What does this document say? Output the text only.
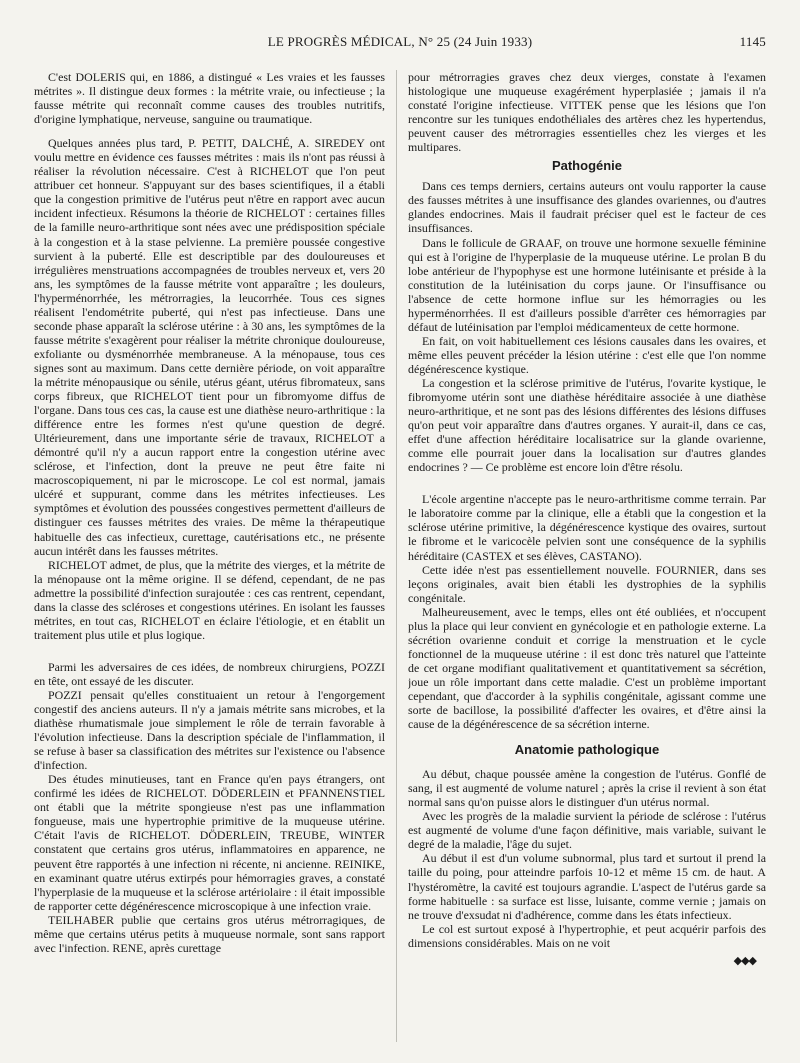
LE PROGRÈS MÉDICAL, N° 25 (24 Juin 1933)	1145

C'est DOLERIS qui, en 1886, a distingué « Les vraies et les fausses métrites ». Il distingue deux formes : la métrite vraie, ou infectieuse ; la fausse métrite qui reconnaît comme causes des troubles nutritifs, d'origine lymphatique, nerveuse, sanguine ou traumatique.

Quelques années plus tard, P. PETIT, DALCHÉ, A. SIREDEY ont voulu mettre en évidence ces fausses métrites : mais ils n'ont pas réussi à réaliser la révolution nécessaire. C'est à RICHELOT que l'on peut attribuer cet honneur. S'appuyant sur des bases scientifiques, il a établi que la congestion primitive de l'utérus peut n'être en rapport avec aucun incident infectieux. Résumons la théorie de RICHELOT : certaines filles de la famille neuro-arthritique sont nées avec une prédisposition spéciale à la congestion et à la stase pelvienne. La première poussée congestive survient à la puberté. Elle est descriptible par des douloureuses et irrégulières menstruations accompagnées de troubles nerveux et, vers 20 ans, les symptômes de la fausse métrite vont apparaître ; les douleurs, l'hyperménorrhée, les métrorragies, la leucorrhée. Tous ces signes réalisent l'endométrite puberté, qui n'est pas infectieuse. Dans une seconde phase apparaît la sclérose utérine : à 30 ans, les symptômes de la fausse métrite s'exagèrent pour réaliser la métrite chronique douloureuse, exfoliante ou dysménorrhée membraneuse. A la ménopause, tous ces signes sont au maximum. Dans cette dernière période, on voit apparaître la métrite ménopausique ou sénile, utérus géant, utérus fibromateux, sans corps fibreux, que RICHELOT tient pour un fibromyome diffus de l'organe. Dans tous ces cas, la cause est une diathèse neuro-arthritique : la différence entre les formes n'est qu'une question de degré. Ultérieurement, dans une importante série de travaux, RICHELOT a démontré qu'il n'y a aucun rapport entre la congestion utérine avec sclérose, et l'infection, dont la preuve ne peut être faite ni macroscopiquement, ni par le microscope. Le col est normal, jamais ulcéré et suppurant, comme dans les métrites infectieuses. Les symptômes et évolution des poussées congestives permettent d'ailleurs de distinguer ces fausses métrites des vraies. De même la thérapeutique habituelle des cas infectieux, curettage, cautérisations etc., ne présente aucun intérêt dans les fausses métrites.

RICHELOT admet, de plus, que la métrite des vierges, et la métrite de la ménopause ont la même origine. Il se défend, cependant, de ne pas admettre la possibilité d'infection surajoutée : ces cas rentrent, cependant, dans la classe des scléroses et congestions utérines. En isolant les fausses métrites, en tout cas, RICHELOT en éclaire l'étiologie, et en établit un traitement plus utile et plus logique.

Parmi les adversaires de ces idées, de nombreux chirurgiens, POZZI en tête, ont essayé de les discuter.

POZZI pensait qu'elles constituaient un retour à l'engorgement congestif des anciens auteurs. Il n'y a jamais métrite sans microbes, et la diathèse rhumatismale joue simplement le rôle de terrain favorable à l'évolution infectieuse. Dans la description spéciale de l'inflammation, il se refuse à baser sa classification des métrites sur l'existence ou l'absence d'infection.

Des études minutieuses, tant en France qu'en pays étrangers, ont confirmé les idées de RICHELOT. DÖDERLEIN et PFANNENSTIEL ont établi que la métrite spongieuse n'est pas une inflammation fongueuse, mais une hypertrophie primitive de la muqueuse utérine. C'était l'avis de RICHELOT. DÖDERLEIN, TREUBE, WINTER constatent que certains gros utérus, inflammatoires en apparence, ne peuvent être rapportés à une infection ni récente, ni ancienne. REINIKE, en examinant quatre utérus extirpés pour hémorragies graves, a constaté l'hyperplasie de la muqueuse et la sclérose artériolaire : il était impossible de rapporter cette dégénérescence microscopique à une infection vraie.

TEILHABER publie que certains gros utérus métrorragiques, de même que certains utérus petits à muqueuse normale, sont sans rapport avec l'infection. RENE, après curettage

pour métrorragies graves chez deux vierges, constate à l'examen histologique une muqueuse exagérément hyperplasiée ; jamais il n'a constaté l'origine infectieuse. VITTEK pense que les lésions que l'on rencontre sur les tuniques endothéliales des artères chez les hypertendus, peuvent causer des métrorragies essentielles chez les vierges et les multipares.

Pathogénie

Dans ces temps derniers, certains auteurs ont voulu rapporter la cause des fausses métrites à une insuffisance des glandes ovariennes, ou d'autres glandes endocrines. Mais il faudrait préciser quel est le facteur de ces insuffisances.

Dans le follicule de GRAAF, on trouve une hormone sexuelle féminine qui est à l'origine de l'hyperplasie de la muqueuse utérine. Le prolan B du lobe antérieur de l'hypophyse est une hormone lutéinisante et préside à la constitution de la lutéinisation du corps jaune. Or l'insuffisance ou l'absence de cette hormone influe sur les hémorragies ou les hyperménorrhées. Il est d'ailleurs possible d'arrêter ces hémorragies par défaut de lutéinisation par l'emploi médicamenteux de cette hormone.

En fait, on voit habituellement ces lésions causales dans les ovaires, et même elles peuvent précéder la lésion utérine : c'est elle que l'on nomme dégénérescence kystique.

La congestion et la sclérose primitive de l'utérus, l'ovarite kystique, le fibromyome utérin sont une diathèse héréditaire associée à une diathèse neuro-arthritique, et ne sont pas des lésions différentes des lésions diffuses qu'on peut voir apparaître dans d'autres organes. Y aurait-il, dans ce cas, effet d'une affection héréditaire localisatrice sur la glande ovarienne, comme elle pourrait jouer dans la localisation sur d'autres glandes endocrines ? — Ce problème est encore loin d'être résolu.

L'école argentine n'accepte pas le neuro-arthritisme comme terrain. Par le laboratoire comme par la clinique, elle a établi que la congestion et la sclérose utérine primitive, la dégénérescence kystique des ovaires, surtout le fibrome et le varicocèle pelvien sont une conséquence de la syphilis héréditaire (CASTEX et ses élèves, CASTANO).

Cette idée n'est pas essentiellement nouvelle. FOURNIER, dans ses leçons originales, avait bien établi les dystrophies de la syphilis congénitale.

Malheureusement, avec le temps, elles ont été oubliées, et n'occupent plus la place qui leur convient en gynécologie et en pathologie externe. La sécrétion ovarienne conduit et corrige la menstruation et le cycle fonctionnel de la muqueuse utérine : il est donc très naturel que l'atteinte de cet organe modifiant qualitativement et quantitativement sa sécrétion, joue un rôle important dans cette maladie. C'est un problème important cependant, que d'accorder à la syphilis congénitale, agissant comme une sorte de bacillose, la possibilité d'affecter les ovaires, et d'être ainsi la cause de la dégénérescence de sa sécrétion interne.

Anatomie pathologique

Au début, chaque poussée amène la congestion de l'utérus. Gonflé de sang, il est augmenté de volume naturel ; après la crise il revient à son état normal sans qu'on puisse alors le distinguer d'un utérus normal.

Avec les progrès de la maladie survient la période de sclérose : l'utérus est augmenté de volume d'une façon définitive, mais variable, suivant le degré de la maladie, l'âge du sujet.

Au début il est d'un volume subnormal, plus tard et surtout il prend la taille du poing, pour atteindre parfois 10-12 et même 15 cm. de haut. A l'hystéromètre, la cavité est toujours agrandie. L'aspect de l'utérus garde sa forme habituelle : sa surface est lisse, luisante, comme vernie ; jamais on ne trouve d'exsudat ni d'adhérence, comme dans les états infectieux.

Le col est surtout exposé à l'hypertrophie, et peut acquérir parfois des dimensions considérables. Mais on ne voit

◆◆◆
